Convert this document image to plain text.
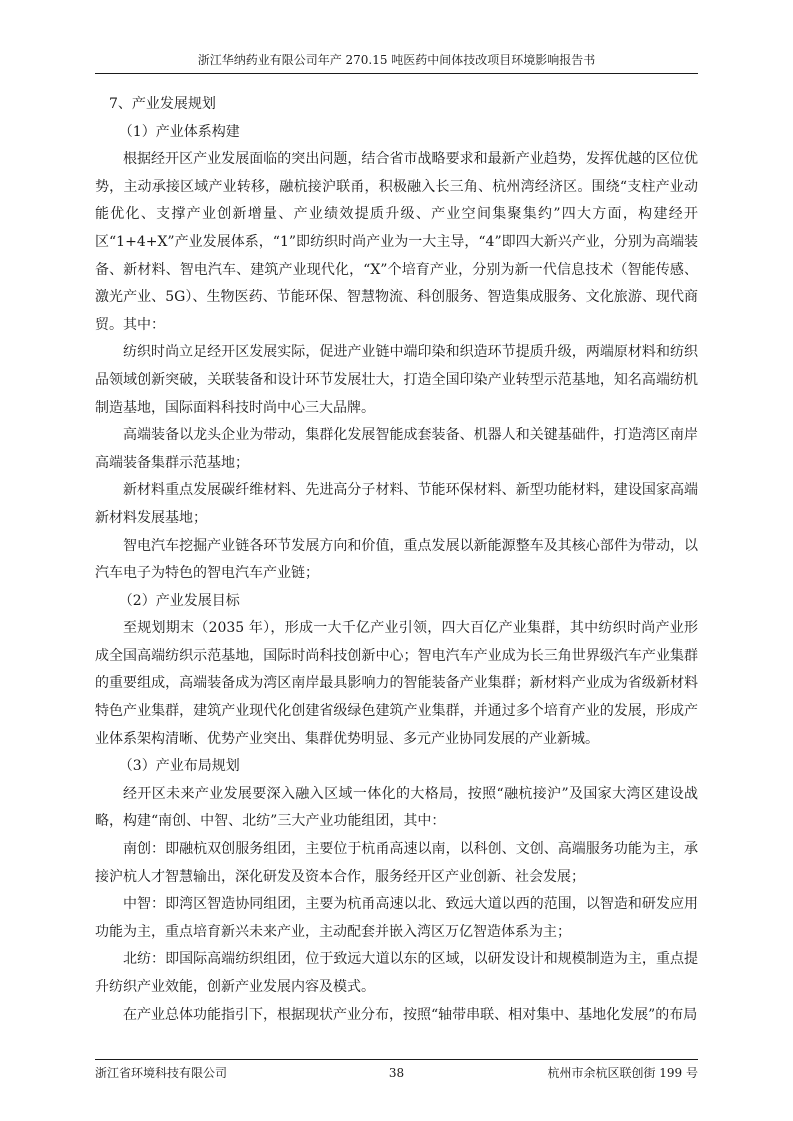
浙江华纳药业有限公司年产 270.15 吨医药中间体技改项目环境影响报告书

7、产业发展规划

（1）产业体系构建

根据经开区产业发展面临的突出问题，结合省市战略要求和最新产业趋势，发挥优越的区位优势，主动承接区域产业转移，融杭接沪联甬，积极融入长三角、杭州湾经济区。围绕“支柱产业动能优化、支撑产业创新增量、产业绩效提质升级、产业空间集聚集约”四大方面，构建经开区“1+4+X”产业发展体系，“1”即纺织时尚产业为一大主导，“4”即四大新兴产业，分别为高端装备、新材料、智电汽车、建筑产业现代化，“X”个培育产业，分别为新一代信息技术（智能传感、激光产业、5G）、生物医药、节能环保、智慧物流、科创服务、智造集成服务、文化旅游、现代商贸。其中：

纺织时尚立足经开区发展实际，促进产业链中端印染和织造环节提质升级，两端原材料和纺织品领域创新突破，关联装备和设计环节发展壮大，打造全国印染产业转型示范基地，知名高端纺机制造基地，国际面料科技时尚中心三大品牌。

高端装备以龙头企业为带动，集群化发展智能成套装备、机器人和关键基础件，打造湾区南岸高端装备集群示范基地；

新材料重点发展碳纤维材料、先进高分子材料、节能环保材料、新型功能材料，建设国家高端新材料发展基地；

智电汽车挖掘产业链各环节发展方向和价值，重点发展以新能源整车及其核心部件为带动，以汽车电子为特色的智电汽车产业链；

（2）产业发展目标

至规划期末（2035 年），形成一大千亿产业引领，四大百亿产业集群，其中纺织时尚产业形成全国高端纺织示范基地，国际时尚科技创新中心；智电汽车产业成为长三角世界级汽车产业集群的重要组成，高端装备成为湾区南岸最具影响力的智能装备产业集群；新材料产业成为省级新材料特色产业集群，建筑产业现代化创建省级绿色建筑产业集群，并通过多个培育产业的发展，形成产业体系架构清晰、优势产业突出、集群优势明显、多元产业协同发展的产业新城。

（3）产业布局规划

经开区未来产业发展要深入融入区域一体化的大格局，按照“融杭接沪”及国家大湾区建设战略，构建“南创、中智、北纺”三大产业功能组团，其中：

南创：即融杭双创服务组团，主要位于杭甬高速以南，以科创、文创、高端服务功能为主，承接沪杭人才智慧输出，深化研发及资本合作，服务经开区产业创新、社会发展；

中智：即湾区智造协同组团，主要为杭甬高速以北、致远大道以西的范围，以智造和研发应用功能为主，重点培育新兴未来产业，主动配套并嵌入湾区万亿智造体系为主；

北纺：即国际高端纺织组团，位于致远大道以东的区域，以研发设计和规模制造为主，重点提升纺织产业效能，创新产业发展内容及模式。

在产业总体功能指引下，根据现状产业分布，按照“轴带串联、相对集中、基地化发展”的布局

浙江省环境科技有限公司	38	杭州市余杭区联创街 199 号
